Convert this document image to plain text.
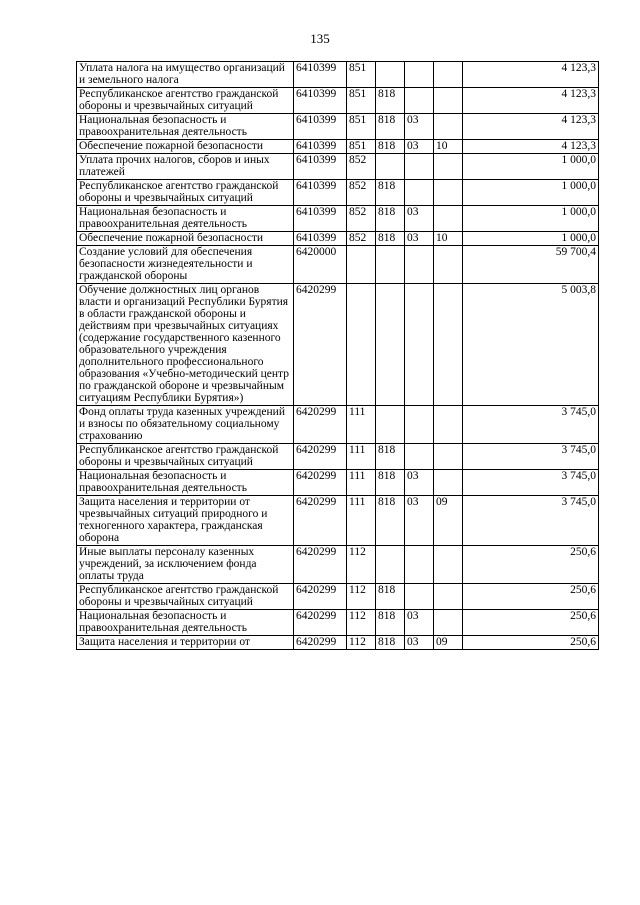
135
Уплата налога на имущество организаций и земельного налога	6410399	851				4 123,3
Республиканское агентство гражданской обороны и чрезвычайных ситуаций	6410399	851	818			4 123,3
Национальная безопасность и правоохранительная деятельность	6410399	851	818	03		4 123,3
Обеспечение пожарной безопасности	6410399	851	818	03	10	4 123,3
Уплата прочих налогов, сборов и иных платежей	6410399	852				1 000,0
Республиканское агентство гражданской обороны и чрезвычайных ситуаций	6410399	852	818			1 000,0
Национальная безопасность и правоохранительная деятельность	6410399	852	818	03		1 000,0
Обеспечение пожарной безопасности	6410399	852	818	03	10	1 000,0
Создание условий для обеспечения безопасности жизнедеятельности и гражданской обороны	6420000					59 700,4
Обучение должностных лиц органов власти и организаций Республики Бурятия в области гражданской обороны и действиям при чрезвычайных ситуациях (содержание государственного казенного образовательного учреждения дополнительного профессионального образования «Учебно-методический центр по гражданской обороне и чрезвычайным ситуациям Республики Бурятия»)	6420299					5 003,8
Фонд оплаты труда казенных учреждений и взносы по обязательному социальному страхованию	6420299	111				3 745,0
Республиканское агентство гражданской обороны и чрезвычайных ситуаций	6420299	111	818			3 745,0
Национальная безопасность и правоохранительная деятельность	6420299	111	818	03		3 745,0
Защита населения и территории от чрезвычайных ситуаций природного и техногенного характера, гражданская оборона	6420299	111	818	03	09	3 745,0
Иные выплаты персоналу казенных учреждений, за исключением фонда оплаты труда	6420299	112				250,6
Республиканское агентство гражданской обороны и чрезвычайных ситуаций	6420299	112	818			250,6
Национальная безопасность и правоохранительная деятельность	6420299	112	818	03		250,6
Защита населения и территории от	6420299	112	818	03	09	250,6
